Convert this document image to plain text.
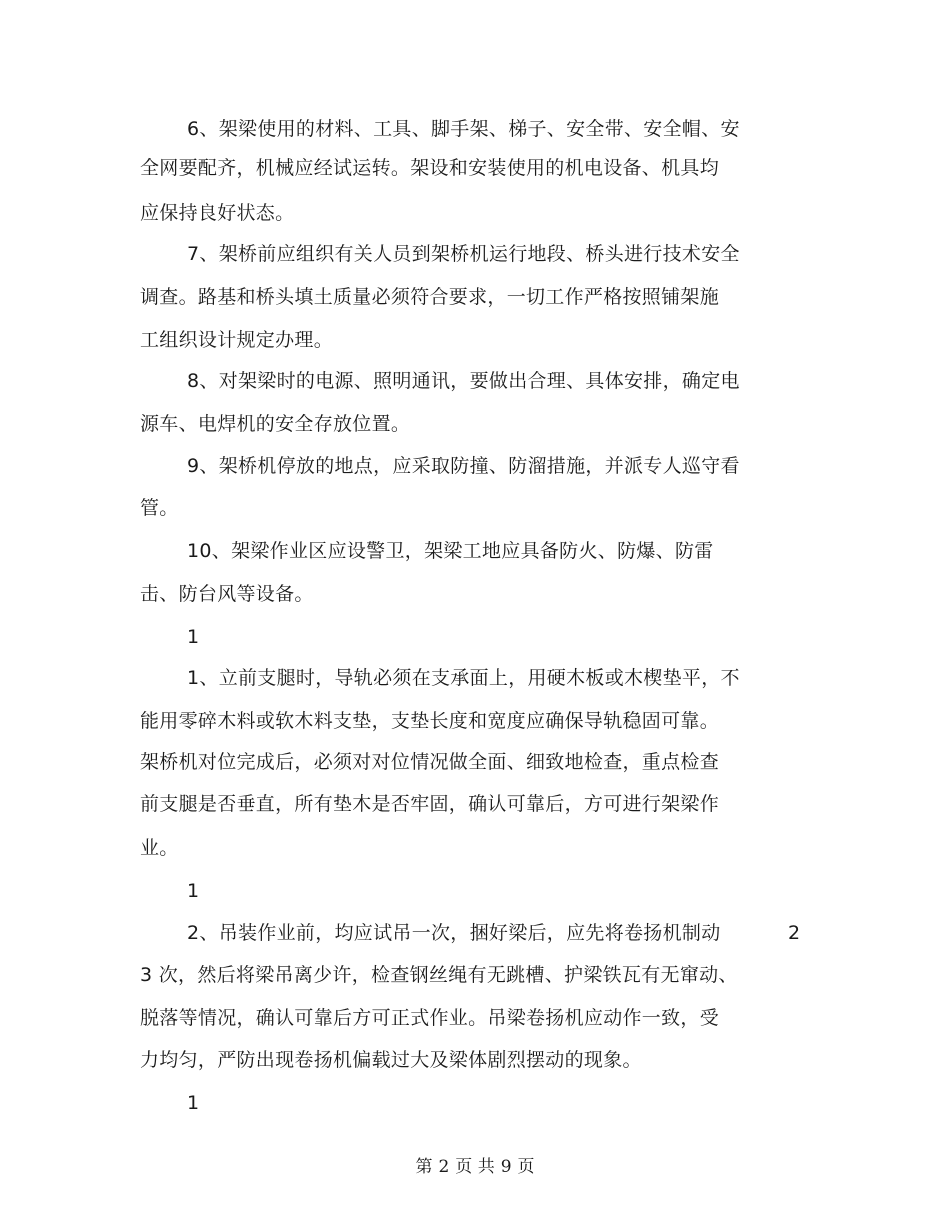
6、架梁使用的材料、工具、脚手架、梯子、安全带、安全帽、安
全网要配齐，机械应经试运转。架设和安装使用的机电设备、机具均
应保持良好状态。
7、架桥前应组织有关人员到架桥机运行地段、桥头进行技术安全
调查。路基和桥头填土质量必须符合要求，一切工作严格按照铺架施
工组织设计规定办理。
8、对架梁时的电源、照明通讯，要做出合理、具体安排，确定电
源车、电焊机的安全存放位置。
9、架桥机停放的地点，应采取防撞、防溜措施，并派专人巡守看
管。
10、架梁作业区应设警卫，架梁工地应具备防火、防爆、防雷
击、防台风等设备。
1
1、立前支腿时，导轨必须在支承面上，用硬木板或木楔垫平，不
能用零碎木料或软木料支垫，支垫长度和宽度应确保导轨稳固可靠。
架桥机对位完成后，必须对对位情况做全面、细致地检查，重点检查
前支腿是否垂直，所有垫木是否牢固，确认可靠后，方可进行架梁作
业。
1
2、吊装作业前，均应试吊一次，捆好梁后，应先将卷扬机制动	2
3 次，然后将梁吊离少许，检查钢丝绳有无跳槽、护梁铁瓦有无窜动、
脱落等情况，确认可靠后方可正式作业。吊梁卷扬机应动作一致，受
力均匀，严防出现卷扬机偏载过大及梁体剧烈摆动的现象。
1
第 2 页 共 9 页
